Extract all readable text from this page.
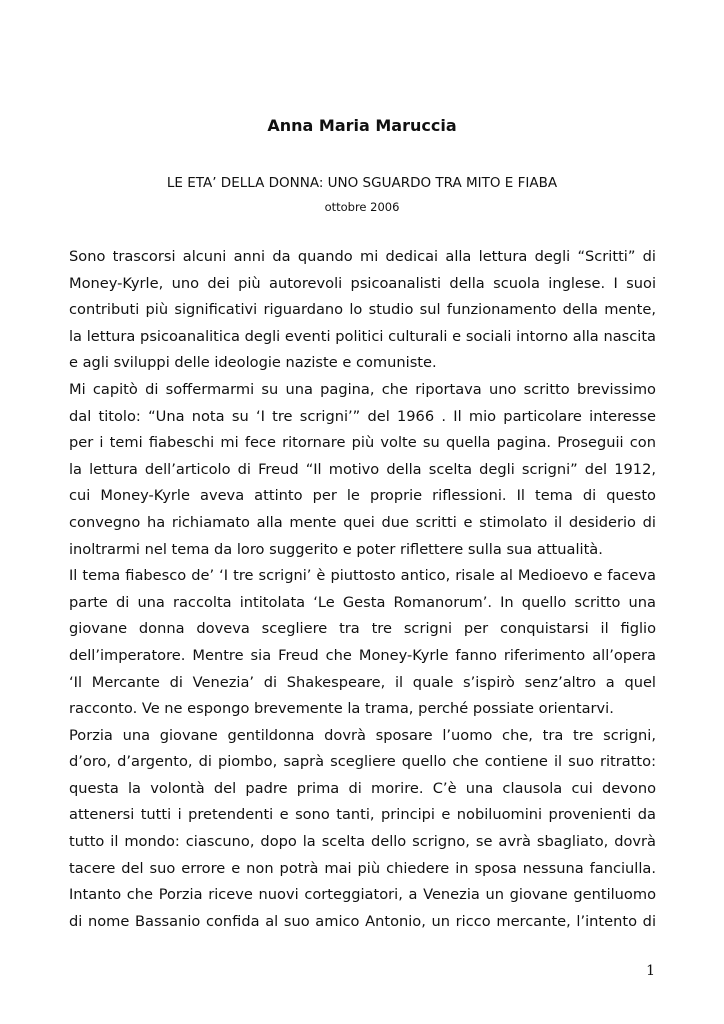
Anna Maria Maruccia
LE ETA’ DELLA DONNA: UNO SGUARDO TRA MITO E FIABA
ottobre 2006
Sono trascorsi alcuni anni da quando mi dedicai alla lettura degli “Scritti” di
Money-Kyrle, uno dei più autorevoli psicoanalisti della scuola inglese. I suoi
contributi più significativi riguardano lo studio sul funzionamento della mente,
la lettura psicoanalitica degli eventi politici culturali e sociali intorno alla nascita
e agli sviluppi delle ideologie naziste e comuniste.
Mi capitò di soffermarmi su una pagina, che riportava uno scritto brevissimo
dal titolo: “Una nota su ‘I tre scrigni’” del 1966 . Il mio particolare interesse
per i temi fiabeschi mi fece ritornare più volte su quella pagina. Proseguii con
la lettura dell’articolo di Freud “Il motivo della scelta degli scrigni” del 1912,
cui Money-Kyrle aveva attinto per le proprie riflessioni. Il tema di questo
convegno ha richiamato alla mente quei due scritti e stimolato il desiderio di
inoltrarmi nel tema da loro suggerito e poter riflettere sulla sua attualità.
Il tema fiabesco de’ ‘I tre scrigni’ è piuttosto antico, risale al Medioevo e faceva
parte di una raccolta intitolata ‘Le Gesta Romanorum’. In quello scritto una
giovane donna doveva scegliere tra tre scrigni per conquistarsi il figlio
dell’imperatore. Mentre sia Freud che Money-Kyrle fanno riferimento all’opera
‘Il Mercante di Venezia’ di Shakespeare, il quale s’ispirò senz’altro a quel
racconto. Ve ne espongo brevemente la trama, perché possiate orientarvi.
Porzia una giovane gentildonna dovrà sposare l’uomo che, tra tre scrigni,
d’oro, d’argento, di piombo, saprà scegliere quello che contiene il suo ritratto:
questa la volontà del padre prima di morire. C’è una clausola cui devono
attenersi tutti i pretendenti e sono tanti, principi e nobiluomini provenienti da
tutto il mondo: ciascuno, dopo la scelta dello scrigno, se avrà sbagliato, dovrà
tacere del suo errore e non potrà mai più chiedere in sposa nessuna fanciulla.
Intanto che Porzia riceve nuovi corteggiatori, a Venezia un giovane gentiluomo
di nome Bassanio confida al suo amico Antonio, un ricco mercante, l’intento di
1
